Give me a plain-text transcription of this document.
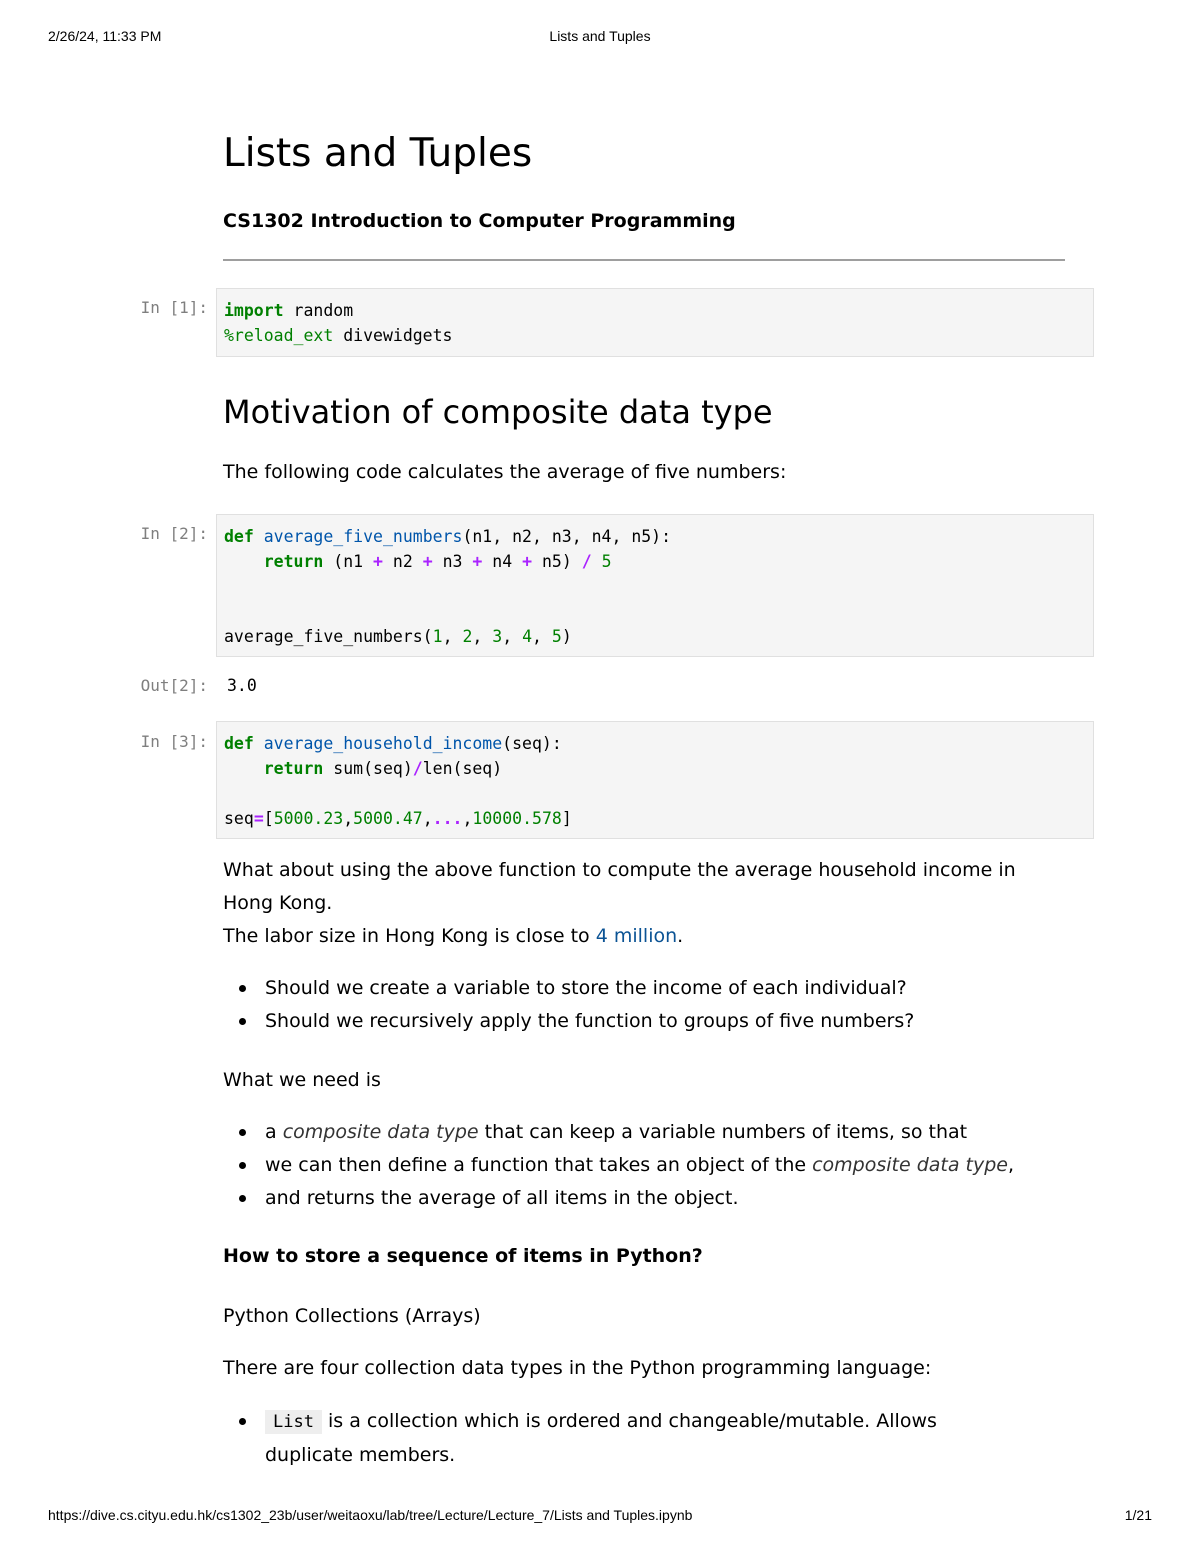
2/26/24, 11:33 PM	Lists and Tuples
Lists and Tuples
CS1302 Introduction to Computer Programming
In [1]: import random
%reload_ext divewidgets
Motivation of composite data type
The following code calculates the average of five numbers:
In [2]: def average_five_numbers(n1, n2, n3, n4, n5):
return (n1 + n2 + n3 + n4 + n5) / 5

average_five_numbers(1, 2, 3, 4, 5)
Out[2]: 3.0
In [3]: def average_household_income(seq):
return sum(seq)/len(seq)

seq=[5000.23,5000.47,...,10000.578]
What about using the above function to compute the average household income in Hong Kong.
The labor size in Hong Kong is close to 4 million.
Should we create a variable to store the income of each individual?
Should we recursively apply the function to groups of five numbers?
What we need is
a composite data type that can keep a variable numbers of items, so that
we can then define a function that takes an object of the composite data type,
and returns the average of all items in the object.
How to store a sequence of items in Python?
Python Collections (Arrays)
There are four collection data types in the Python programming language:
List is a collection which is ordered and changeable/mutable. Allows duplicate members.
https://dive.cs.cityu.edu.hk/cs1302_23b/user/weitaoxu/lab/tree/Lecture/Lecture_7/Lists and Tuples.ipynb	1/21
